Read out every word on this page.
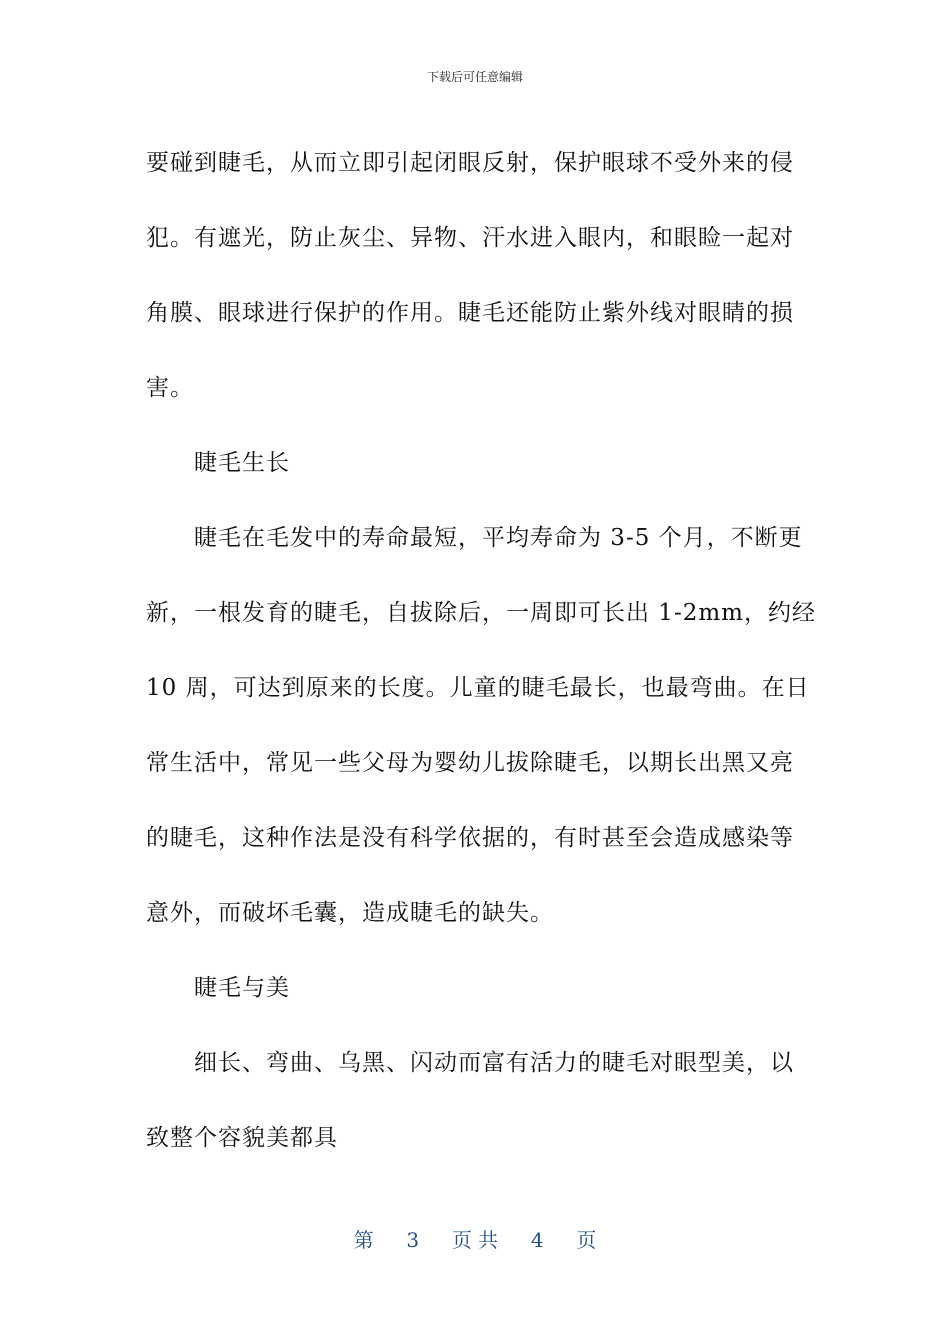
下载后可任意编辑
要碰到睫毛，从而立即引起闭眼反射，保护眼球不受外来的侵
犯。有遮光，防止灰尘、异物、汗水进入眼内，和眼睑一起对
角膜、眼球进行保护的作用。睫毛还能防止紫外线对眼睛的损
害。
睫毛生长
睫毛在毛发中的寿命最短，平均寿命为 3-5 个月，不断更
新，一根发育的睫毛，自拔除后，一周即可长出 1-2mm，约经
10 周，可达到原来的长度。儿童的睫毛最长，也最弯曲。在日
常生活中，常见一些父母为婴幼儿拔除睫毛，以期长出黑又亮
的睫毛，这种作法是没有科学依据的，有时甚至会造成感染等
意外，而破坏毛囊，造成睫毛的缺失。
睫毛与美
细长、弯曲、乌黑、闪动而富有活力的睫毛对眼型美，以
致整个容貌美都具
第 3 页 共 4 页
